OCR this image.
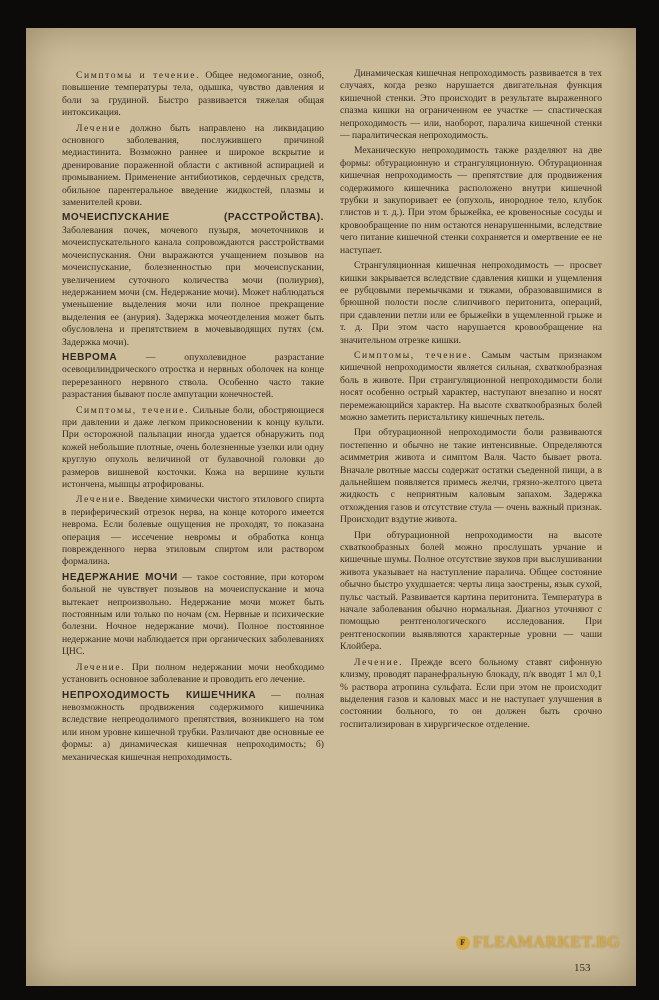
Симптомы и течение. Общее недомогание, озноб, повышение температуры тела, одышка, чувство давления и боли за грудиной. Быстро развивается тяжелая общая интоксикация.

Лечение должно быть направлено на ликвидацию основного заболевания, послужившего причиной медиастинита. Возможно раннее и широкое вскрытие и дренирование пораженной области с активной аспирацией и промыванием. Применение антибиотиков, сердечных средств, обильное парентеральное введение жидкостей, плазмы и заменителей крови.

МОЧЕИСПУСКАНИЕ (РАССТРОЙСТВА). Заболевания почек, мочевого пузыря, мочеточников и мочеиспускательного канала сопровождаются расстройствами мочеиспускания. Они выражаются учащением позывов на мочеиспускание, болезненностью при мочеиспускании, увеличением суточного количества мочи (полиурия), недержанием мочи (см. Недержание мочи). Может наблюдаться уменьшение выделения мочи или полное прекращение выделения ее (анурия). Задержка мочеотделения может быть обусловлена и препятствием в мочевыводящих путях (см. Задержка мочи).

НЕВРОМА — опухолевидное разрастание осевоцилиндрического отростка и нервных оболочек на конце перерезанного нервного ствола. Особенно часто такие разрастания бывают после ампутации конечностей.

Симптомы, течение. Сильные боли, обостряющиеся при давлении и даже легком прикосновении к концу культи. При осторожной пальпации иногда удается обнаружить под кожей небольшие плотные, очень болезненные узелки или одну круглую опухоль величиной от булавочной головки до размеров вишневой косточки. Кожа на вершине культи истончена, мышцы атрофированы.

Лечение. Введение химически чистого этилового спирта в периферический отрезок нерва, на конце которого имеется неврома. Если болевые ощущения не проходят, то показана операция — иссечение невромы и обработка конца поврежденного нерва этиловым спиртом или раствором формалина.

НЕДЕРЖАНИЕ МОЧИ — такое состояние, при котором больной не чувствует позывов на мочеиспускание и моча вытекает непроизвольно. Недержание мочи может быть постоянным или только по ночам (см. Нервные и психические болезни. Ночное недержание мочи). Полное постоянное недержание мочи наблюдается при органических заболеваниях ЦНС.

Лечение. При полном недержании мочи необходимо установить основное заболевание и проводить его лечение.

НЕПРОХОДИМОСТЬ КИШЕЧНИКА — полная невозможность продвижения содержимого кишечника вследствие непреодолимого препятствия, возникшего на том или ином уровне кишечной трубки. Различают две основные ее формы: а) динамическая кишечная непроходимость; б) механическая кишечная непроходимость.

Динамическая кишечная непроходимость развивается в тех случаях, когда резко нарушается двигательная функция кишечной стенки. Это происходит в результате выраженного спазма кишки на ограниченном ее участке — спастическая непроходимость — или, наоборот, паралича кишечной стенки — паралитическая непроходимость.

Механическую непроходимость также разделяют на две формы: обтурационную и странгуляционную. Обтурационная кишечная непроходимость — препятствие для продвижения содержимого кишечника расположено внутри кишечной трубки и закупоривает ее (опухоль, инородное тело, клубок глистов и т. д.). При этом брыжейка, ее кровеносные сосуды и кровообращение по ним остаются ненарушенными, вследствие чего питание кишечной стенки сохраняется и омертвение ее не наступает.

Странгуляционная кишечная непроходимость — просвет кишки закрывается вследствие сдавления кишки и ущемления ее рубцовыми перемычками и тяжами, образовавшимися в брюшной полости после слипчивого перитонита, операций, при сдавлении петли или ее брыжейки в ущемленной грыже и т. д. При этом часто нарушается кровообращение на значительном отрезке кишки.

Симптомы, течение. Самым частым признаком кишечной непроходимости является сильная, схваткообразная боль в животе. При странгуляционной непроходимости боли носят особенно острый характер, наступают внезапно и носят перемежающийся характер. На высоте схваткообразных болей можно заметить перистальтику кишечных петель.

При обтурационной непроходимости боли развиваются постепенно и обычно не такие интенсивные. Определяются асимметрия живота и симптом Валя. Часто бывает рвота. Вначале рвотные массы содержат остатки съеденной пищи, а в дальнейшем появляется примесь желчи, грязно-желтого цвета жидкость с неприятным каловым запахом. Задержка отхождения газов и отсутствие стула — очень важный признак. Происходит вздутие живота.

При обтурационной непроходимости на высоте схваткообразных болей можно прослушать урчание и кишечные шумы. Полное отсутствие звуков при выслушивании живота указывает на наступление паралича. Общее состояние обычно быстро ухудшается: черты лица заострены, язык сухой, пульс частый. Развивается картина перитонита. Температура в начале заболевания обычно нормальная. Диагноз уточняют с помощью рентгенологического исследования. При рентгеноскопии выявляются характерные уровни — чаши Клойбера.

Лечение. Прежде всего больному ставят сифонную клизму, проводят паранефральную блокаду, п/к вводят 1 мл 0,1 % раствора атропина сульфата. Если при этом не происходит выделения газов и каловых масс и не наступает улучшения в состоянии больного, то он должен быть срочно госпитализирован в хирургическое отделение.

F FLEAMARKET.BG
153
